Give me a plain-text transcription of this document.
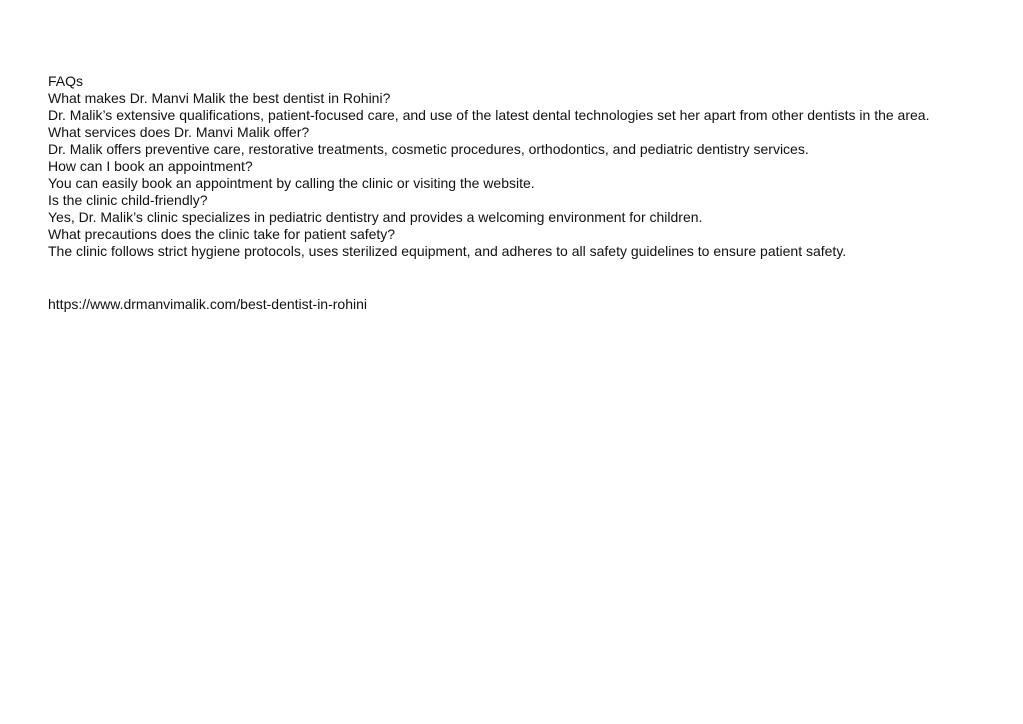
FAQs
What makes Dr. Manvi Malik the best dentist in Rohini?
Dr. Malik’s extensive qualifications, patient-focused care, and use of the latest dental technologies set her apart from other dentists in the area.
What services does Dr. Manvi Malik offer?
Dr. Malik offers preventive care, restorative treatments, cosmetic procedures, orthodontics, and pediatric dentistry services.
How can I book an appointment?
You can easily book an appointment by calling the clinic or visiting the website.
Is the clinic child-friendly?
Yes, Dr. Malik’s clinic specializes in pediatric dentistry and provides a welcoming environment for children.
What precautions does the clinic take for patient safety?
The clinic follows strict hygiene protocols, uses sterilized equipment, and adheres to all safety guidelines to ensure patient safety.
https://www.drmanvimalik.com/best-dentist-in-rohini
